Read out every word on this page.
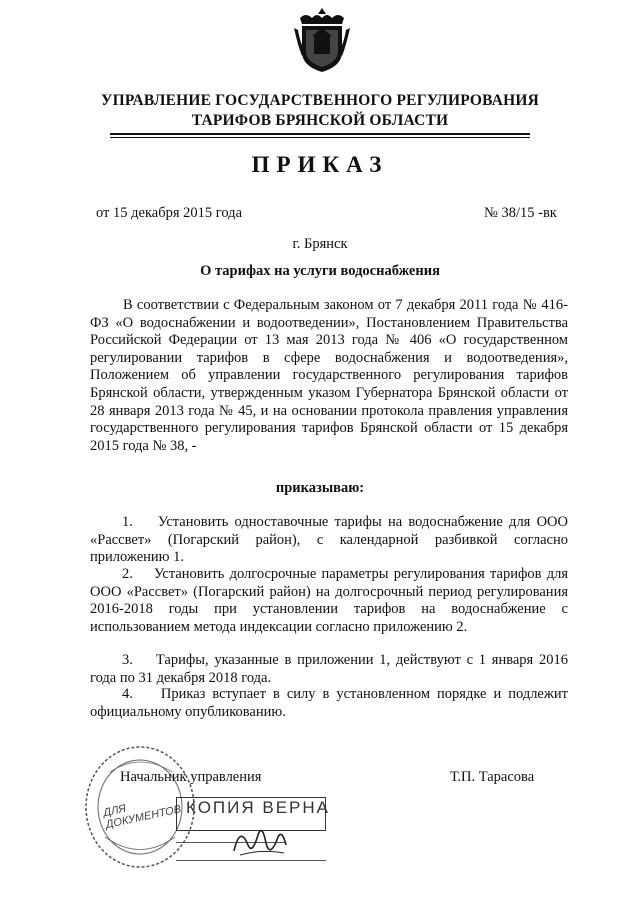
УПРАВЛЕНИЕ ГОСУДАРСТВЕННОГО РЕГУЛИРОВАНИЯ
ТАРИФОВ БРЯНСКОЙ ОБЛАСТИ
ПРИКАЗ
от 15 декабря 2015 года	№ 38/15 -вк
г. Брянск
О тарифах на услуги водоснабжения
В соответствии с Федеральным законом от 7 декабря 2011 года № 416-ФЗ «О водоснабжении и водоотведении», Постановлением Правительства Российской Федерации от 13 мая 2013 года № 406 «О государственном регулировании тарифов в сфере водоснабжения и водоотведения», Положением об управлении государственного регулирования тарифов Брянской области, утвержденным указом Губернатора Брянской области от 28 января 2013 года № 45, и на основании протокола правления управления государственного регулирования тарифов Брянской области от 15 декабря 2015 года № 38, -
приказываю:
1.    Установить одноставочные тарифы на водоснабжение для ООО «Рассвет» (Погарский район), с календарной разбивкой согласно приложению 1.
2.    Установить долгосрочные параметры регулирования тарифов для ООО «Рассвет» (Погарский район) на долгосрочный период регулирования 2016-2018 годы при установлении тарифов на водоснабжение с использованием метода индексации согласно приложению 2.
3.    Тарифы, указанные в приложении 1, действуют с 1 января 2016 года по 31 декабря 2018 года.
4.    Приказ вступает в силу в установленном порядке и подлежит официальному опубликованию.
ДЛЯ ДОКУМЕНТОВ
Начальник управления	Т.П. Тарасова
КОПИЯ ВЕРНА
